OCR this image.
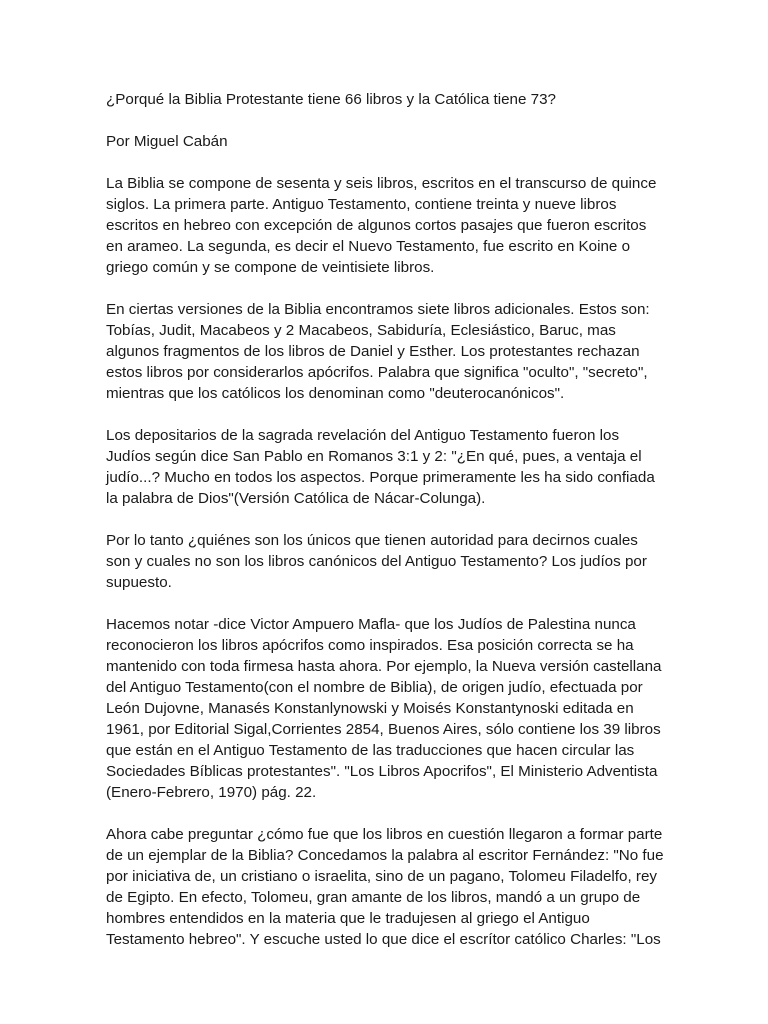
¿Porqué la Biblia Protestante tiene 66 libros y la Católica tiene 73?

Por Miguel Cabán

La Biblia se compone de sesenta y seis libros, escritos en el transcurso de quince
siglos. La primera parte. Antiguo Testamento, contiene treinta y nueve libros
escritos en hebreo con excepción de algunos cortos pasajes que fueron escritos
en arameo. La segunda, es decir el Nuevo Testamento, fue escrito en Koine o
griego común y se compone de veintisiete libros.

En ciertas versiones de la Biblia encontramos siete libros adicionales. Estos son:
Tobías, Judit, Macabeos y 2 Macabeos, Sabiduría, Eclesiástico, Baruc, mas
algunos fragmentos de los libros de Daniel y Esther. Los protestantes rechazan
estos libros por considerarlos apócrifos. Palabra que significa "oculto", "secreto",
mientras que los católicos los denominan como "deuterocanónicos".

Los depositarios de la sagrada revelación del Antiguo Testamento fueron los
Judíos según dice San Pablo en Romanos 3:1 y 2: "¿En qué, pues, a ventaja el
judío...? Mucho en todos los aspectos. Porque primeramente les ha sido confiada
la palabra de Dios"(Versión Católica de Nácar-Colunga).

Por lo tanto ¿quiénes son los únicos que tienen autoridad para decirnos cuales
son y cuales no son los libros canónicos del Antiguo Testamento? Los judíos por
supuesto.

Hacemos notar -dice Victor Ampuero Mafla- que los Judíos de Palestina nunca
reconocieron los libros apócrifos como inspirados. Esa posición correcta se ha
mantenido con toda firmesa hasta ahora. Por ejemplo, la Nueva versión castellana
del Antiguo Testamento(con el nombre de Biblia), de origen judío, efectuada por
León Dujovne, Manasés Konstanlynowski y Moisés Konstantynoski editada en
1961, por Editorial Sigal,Corrientes 2854, Buenos Aires, sólo contiene los 39 libros
que están en el Antiguo Testamento de las traducciones que hacen circular las
Sociedades Bíblicas protestantes". "Los Libros Apocrifos", El Ministerio Adventista
(Enero-Febrero, 1970) pág. 22.

Ahora cabe preguntar ¿cómo fue que los libros en cuestión llegaron a formar parte
de un ejemplar de la Biblia? Concedamos la palabra al escritor Fernández: "No fue
por iniciativa de, un cristiano o israelita, sino de un pagano, Tolomeu Filadelfo, rey
de Egipto. En efecto, Tolomeu, gran amante de los libros, mandó a un grupo de
hombres entendidos en la materia que le tradujesen al griego el Antiguo
Testamento hebreo". Y escuche usted lo que dice el escrítor católico Charles: "Los
